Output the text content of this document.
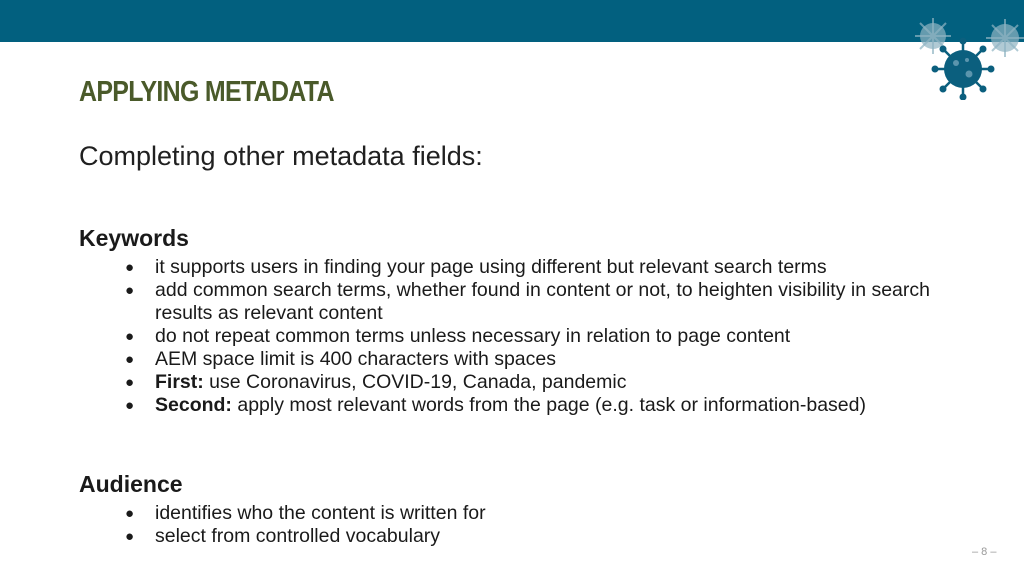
APPLYING METADATA

Completing other metadata fields:

Keywords
● it supports users in finding your page using different but relevant search terms
● add common search terms, whether found in content or not, to heighten visibility in search results as relevant content
● do not repeat common terms unless necessary in relation to page content
● AEM space limit is 400 characters with spaces
● First: use Coronavirus, COVID-19, Canada, pandemic
● Second: apply most relevant words from the page (e.g. task or information-based)
Audience
● identifies who the content is written for
● select from controlled vocabulary
– 8 –
